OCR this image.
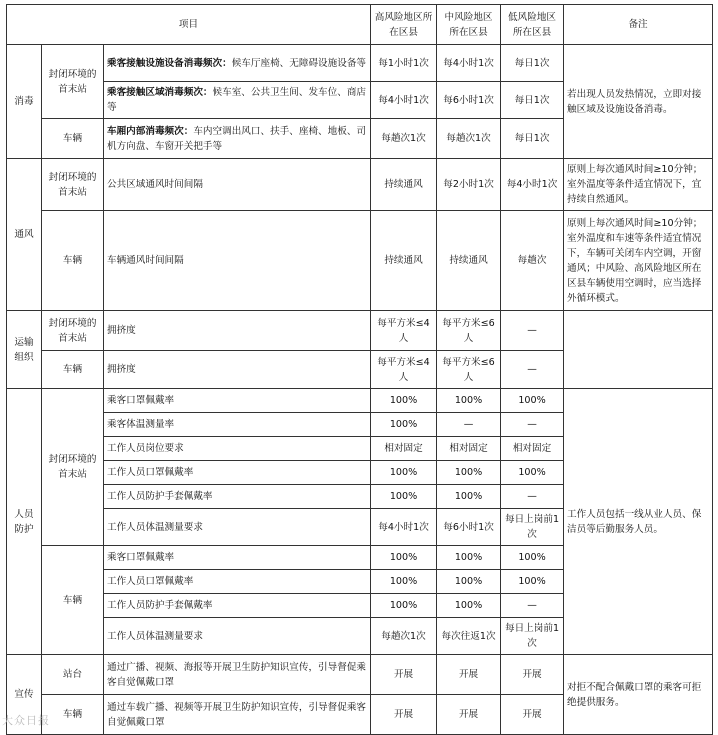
项目			高风险地区所在区县	中风险地区所在区县	低风险地区所在区县	备注
消毒	封闭环境的首末站	乘客接触设施设备消毒频次：候车厅座椅、无障碍设施设备等	每1小时1次	每4小时1次	每日1次	若出现人员发热情况，立即对接触区域及设施设备消毒。
		乘客接触区域消毒频次：候车室、公共卫生间、发车位、商店等	每4小时1次	每6小时1次	每日1次	
	车辆	车厢内部消毒频次：车内空调出风口、扶手、座椅、地板、司机方向盘、车窗开关把手等	每趟次1次	每趟次1次	每日1次	
通风	封闭环境的首末站	公共区域通风时间间隔	持续通风	每2小时1次	每4小时1次	原则上每次通风时间≥10分钟；室外温度等条件适宜情况下，宜持续自然通风。
	车辆	车辆通风时间间隔	持续通风	持续通风	每趟次	原则上每次通风时间≥10分钟；室外温度和车速等条件适宜情况下，车辆可关闭车内空调，开窗通风；中风险、高风险地区所在区县车辆使用空调时，应当选择外循环模式。
运输组织	封闭环境的首末站	拥挤度	每平方米≤4人	每平方米≤6人	—	
	车辆	拥挤度	每平方米≤4人	每平方米≤6人	—	
人员防护	封闭环境的首末站	乘客口罩佩戴率	100%	100%	100%	工作人员包括一线从业人员、保洁员等后勤服务人员。
		乘客体温测量率	100%	—	—	
		工作人员岗位要求	相对固定	相对固定	相对固定	
		工作人员口罩佩戴率	100%	100%	100%	
		工作人员防护手套佩戴率	100%	100%	—	
		工作人员体温测量要求	每4小时1次	每6小时1次	每日上岗前1次	
	车辆	乘客口罩佩戴率	100%	100%	100%	
		工作人员口罩佩戴率	100%	100%	100%	
		工作人员防护手套佩戴率	100%	100%	—	
		工作人员体温测量要求	每趟次1次	每次往返1次	每日上岗前1次	
宣传	站台	通过广播、视频、海报等开展卫生防护知识宣传，引导督促乘客自觉佩戴口罩	开展	开展	开展	对拒不配合佩戴口罩的乘客可拒绝提供服务。
	车辆	通过车载广播、视频等开展卫生防护知识宣传，引导督促乘客自觉佩戴口罩	开展	开展	开展	
大众日报
